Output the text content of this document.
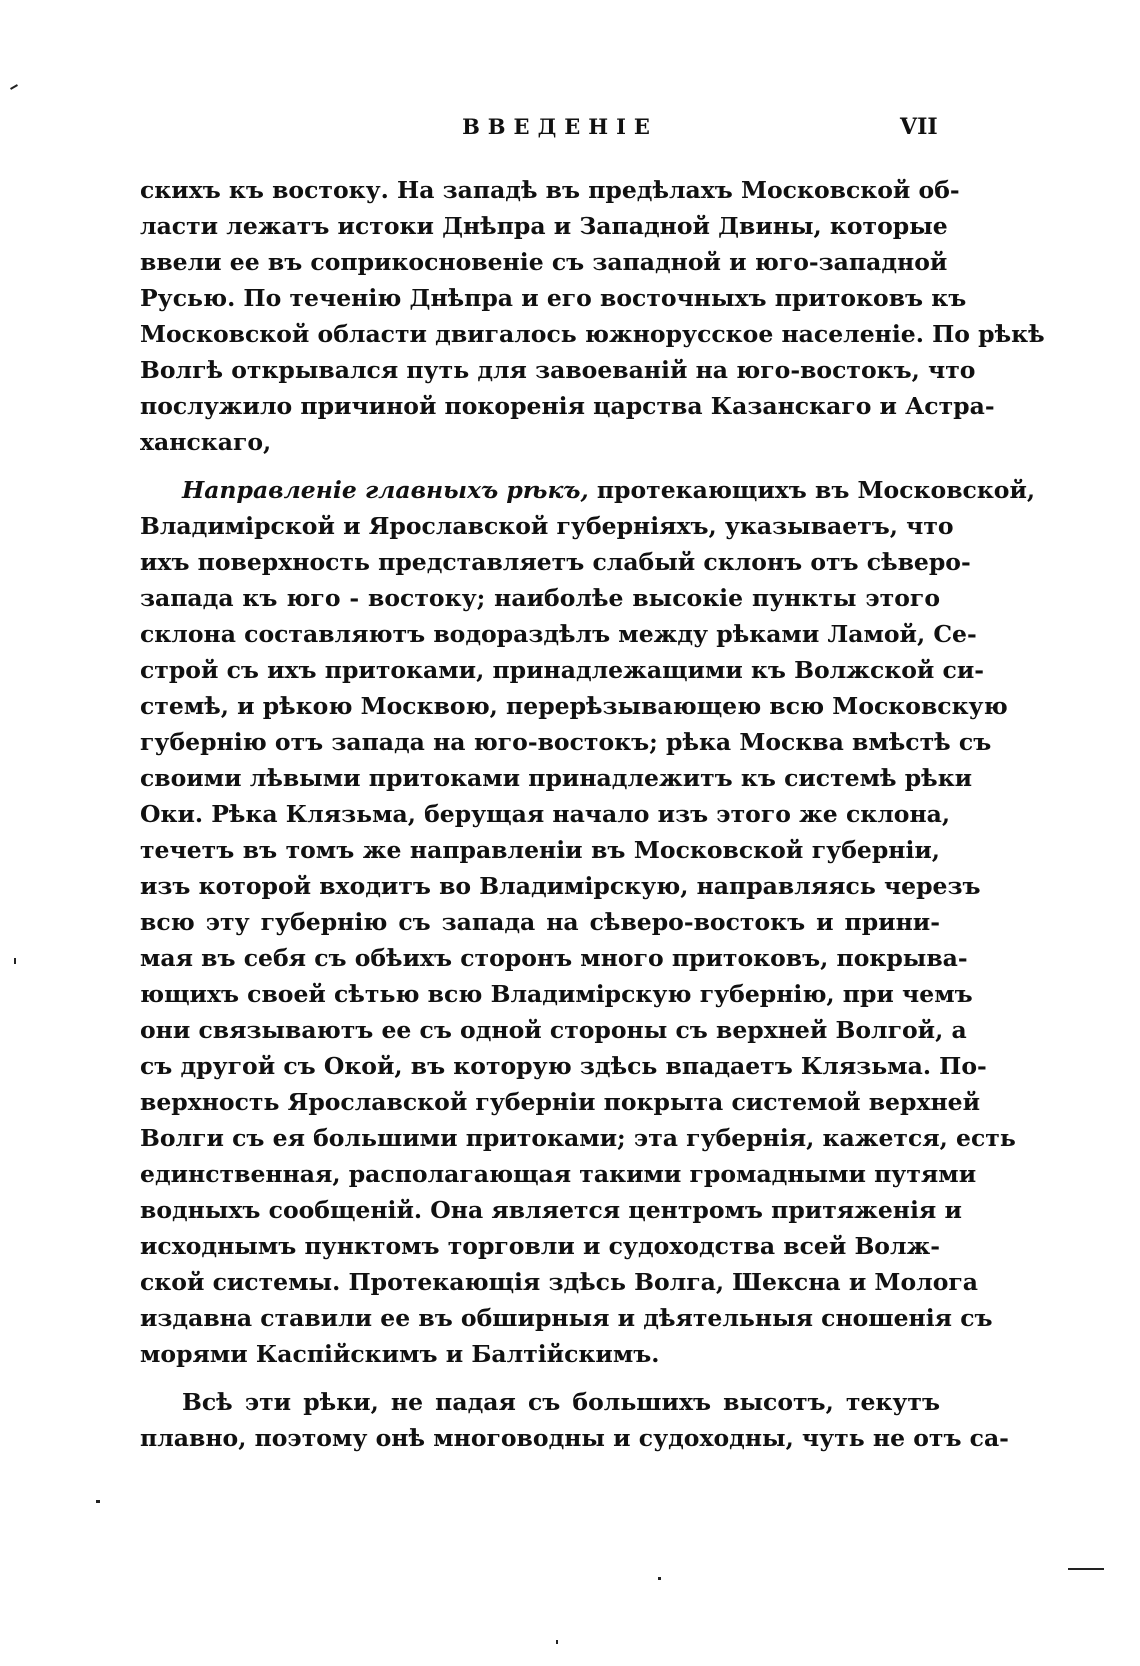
ВВЕДЕНІЕ	VII
скихъ къ востоку. На западѣ въ предѣлахъ Московской об-
ласти лежатъ истоки Днѣпра и Западной Двины, которые
ввели ее въ соприкосновеніе съ западной и юго-западной
Русью. По теченію Днѣпра и его восточныхъ притоковъ къ
Московской области двигалось южнорусское населеніе. По рѣкѣ
Волгѣ открывался путь для завоеваній на юго-востокъ, что
послужило причиной покоренія царства Казанскаго и Астра-
ханскаго,
Направленіе главныхъ рѣкъ, протекающихъ въ Московской,
Владимірской и Ярославской губерніяхъ, указываетъ, что
ихъ поверхность представляетъ слабый склонъ отъ сѣверо-
запада къ юго - востоку; наиболѣе высокіе пункты этого
склона составляютъ водораздѣлъ между рѣками Ламой, Се-
строй съ ихъ притоками, принадлежащими къ Волжской си-
стемѣ, и рѣкою Москвою, перерѣзывающею всю Московскую
губернію отъ запада на юго-востокъ; рѣка Москва вмѣстѣ съ
своими лѣвыми притоками принадлежитъ къ системѣ рѣки
Оки. Рѣка Клязьма, берущая начало изъ этого же склона,
течетъ въ томъ же направленіи въ Московской губерніи,
изъ которой входитъ во Владимірскую, направляясь черезъ
всю эту губернію съ запада на сѣверо-востокъ и прини-
мая въ себя съ обѣихъ сторонъ много притоковъ, покрыва-
ющихъ своей сѣтью всю Владимірскую губернію, при чемъ
они связываютъ ее съ одной стороны съ верхней Волгой, а
съ другой съ Окой, въ которую здѣсь впадаетъ Клязьма. По-
верхность Ярославской губерніи покрыта системой верхней
Волги съ ея большими притоками; эта губернія, кажется, есть
единственная, располагающая такими громадными путями
водныхъ сообщеній. Она является центромъ притяженія и
исходнымъ пунктомъ торговли и судоходства всей Волж-
ской системы. Протекающія здѣсь Волга, Шексна и Молога
издавна ставили ее въ обширныя и дѣятельныя сношенія съ
морями Каспійскимъ и Балтійскимъ.
Всѣ эти рѣки, не падая съ большихъ высотъ, текутъ
плавно, поэтому онѣ многоводны и судоходны, чуть не отъ са-
